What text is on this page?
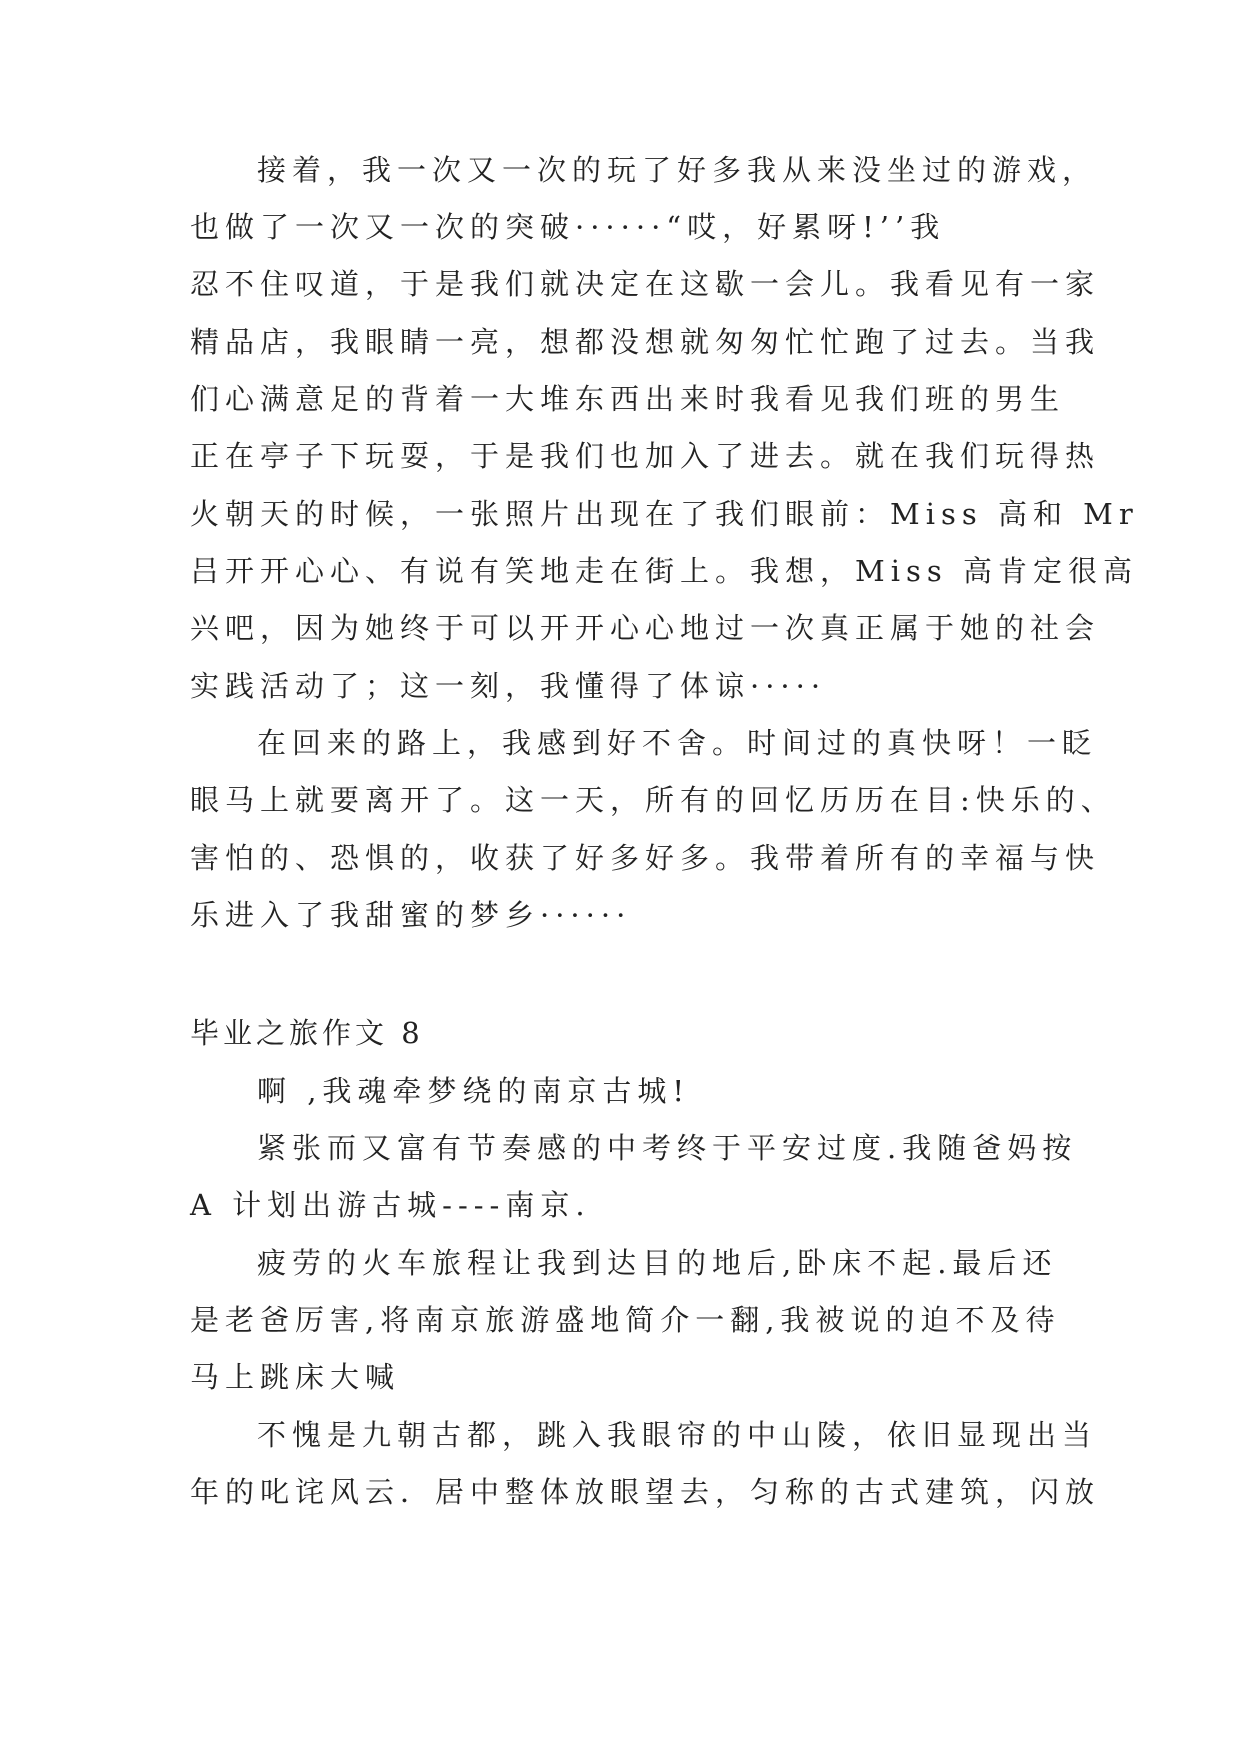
接着，我一次又一次的玩了好多我从来没坐过的游戏，
也做了一次又一次的突破······“哎，好累呀!’’我
忍不住叹道，于是我们就决定在这歇一会儿。我看见有一家
精品店，我眼睛一亮，想都没想就匆匆忙忙跑了过去。当我
们心满意足的背着一大堆东西出来时我看见我们班的男生
正在亭子下玩耍，于是我们也加入了进去。就在我们玩得热
火朝天的时候，一张照片出现在了我们眼前：Miss 高和 Mr
吕开开心心、有说有笑地走在街上。我想，Miss 高肯定很高
兴吧，因为她终于可以开开心心地过一次真正属于她的社会
实践活动了；这一刻，我懂得了体谅·····
在回来的路上，我感到好不舍。时间过的真快呀！一眨
眼马上就要离开了。这一天，所有的回忆历历在目:快乐的、
害怕的、恐惧的，收获了好多好多。我带着所有的幸福与快
乐进入了我甜蜜的梦乡······
毕业之旅作文 8
啊 ,我魂牵梦绕的南京古城!
紧张而又富有节奏感的中考终于平安过度.我随爸妈按
A 计划出游古城----南京.
疲劳的火车旅程让我到达目的地后,卧床不起.最后还
是老爸厉害,将南京旅游盛地简介一翻,我被说的迫不及待
马上跳床大喊
不愧是九朝古都，跳入我眼帘的中山陵，依旧显现出当
年的叱诧风云．居中整体放眼望去，匀称的古式建筑，闪放
